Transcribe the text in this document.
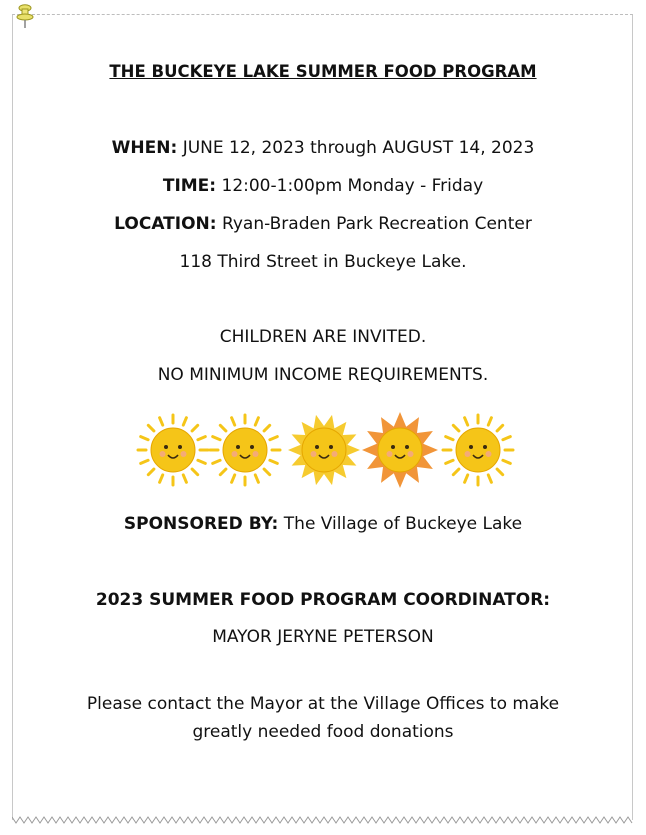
THE BUCKEYE LAKE SUMMER FOOD PROGRAM
WHEN: JUNE 12, 2023 through AUGUST 14, 2023
TIME: 12:00-1:00pm Monday - Friday
LOCATION: Ryan-Braden Park Recreation Center
118 Third Street in Buckeye Lake.
CHILDREN ARE INVITED.
NO MINIMUM INCOME REQUIREMENTS.
SPONSORED BY: The Village of Buckeye Lake
2023 SUMMER FOOD PROGRAM COORDINATOR:
MAYOR JERYNE PETERSON
Please contact the Mayor at the Village Offices to make
greatly needed food donations
